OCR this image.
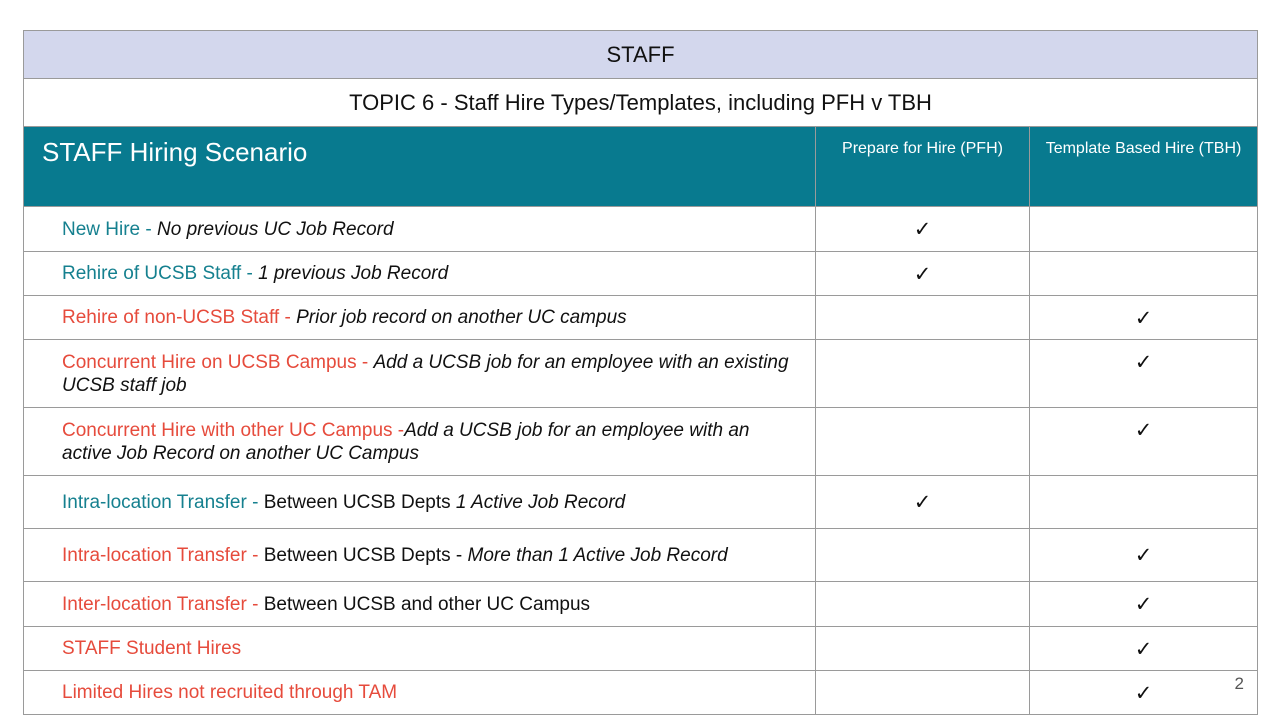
STAFF		
TOPIC 6 - Staff Hire Types/Templates, including PFH v TBH		
STAFF Hiring Scenario	Prepare for Hire (PFH)	Template Based Hire (TBH)
New Hire - No previous UC Job Record	✓	
Rehire of UCSB Staff - 1 previous Job Record	✓	
Rehire of non-UCSB Staff - Prior job record on another UC campus		✓
Concurrent Hire on UCSB Campus - Add a UCSB job for an employee with an existing UCSB staff job		✓
Concurrent Hire with other UC Campus -Add a UCSB job for an employee with an active Job Record on another UC Campus		✓
Intra-location Transfer - Between UCSB Depts 1 Active Job Record	✓	
Intra-location Transfer - Between UCSB Depts - More than 1 Active Job Record		✓
Inter-location Transfer - Between UCSB and other UC Campus		✓
STAFF Student Hires		✓
Limited Hires not recruited through TAM		✓	2
